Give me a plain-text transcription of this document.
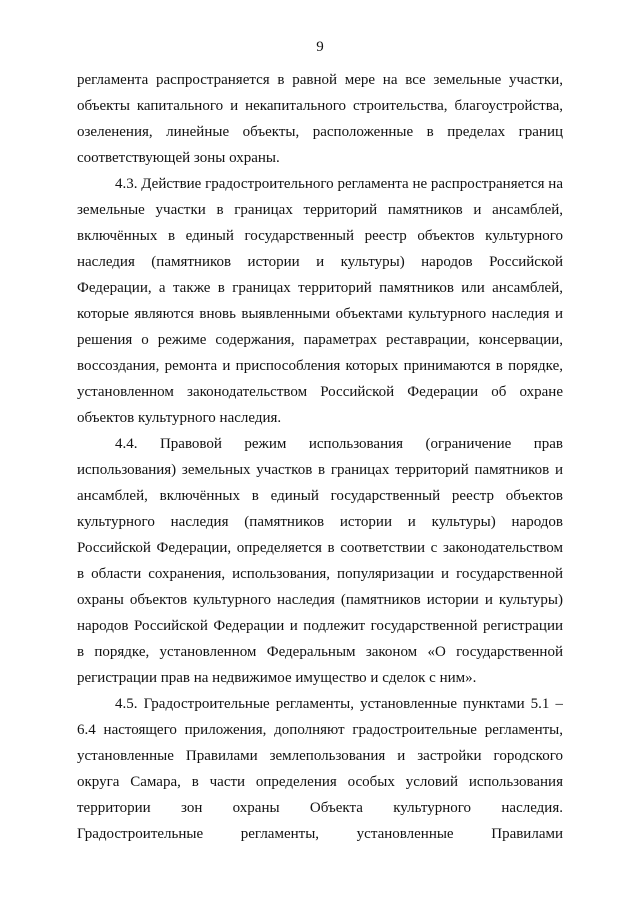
9
регламента распространяется в равной мере на все земельные участки,
объекты капитального и некапитального строительства, благоустройства,
озеленения, линейные объекты, расположенные в пределах границ
соответствующей зоны охраны.
4.3. Действие градостроительного регламента не распространяется на
земельные участки в границах территорий памятников и ансамблей,
включённых в единый государственный реестр объектов культурного
наследия (памятников истории и культуры) народов Российской
Федерации, а также в границах территорий памятников или ансамблей,
которые являются вновь выявленными объектами культурного наследия и
решения о режиме содержания, параметрах реставрации, консервации,
воссоздания, ремонта и приспособления которых принимаются в порядке,
установленном законодательством Российской Федерации об охране
объектов культурного наследия.
4.4. Правовой режим использования (ограничение прав
использования) земельных участков в границах территорий памятников и
ансамблей, включённых в единый государственный реестр объектов
культурного наследия (памятников истории и культуры) народов
Российской Федерации, определяется в соответствии с законодательством
в области сохранения, использования, популяризации и государственной
охраны объектов культурного наследия (памятников истории и культуры)
народов Российской Федерации и подлежит государственной регистрации
в порядке, установленном Федеральным законом «О государственной
регистрации прав на недвижимое имущество и сделок с ним».
4.5. Градостроительные регламенты, установленные пунктами 5.1 –
6.4 настоящего приложения, дополняют градостроительные регламенты,
установленные Правилами землепользования и застройки городского
округа Самара, в части определения особых условий использования
территории зон охраны Объекта культурного наследия.
Градостроительные регламенты, установленные Правилами
